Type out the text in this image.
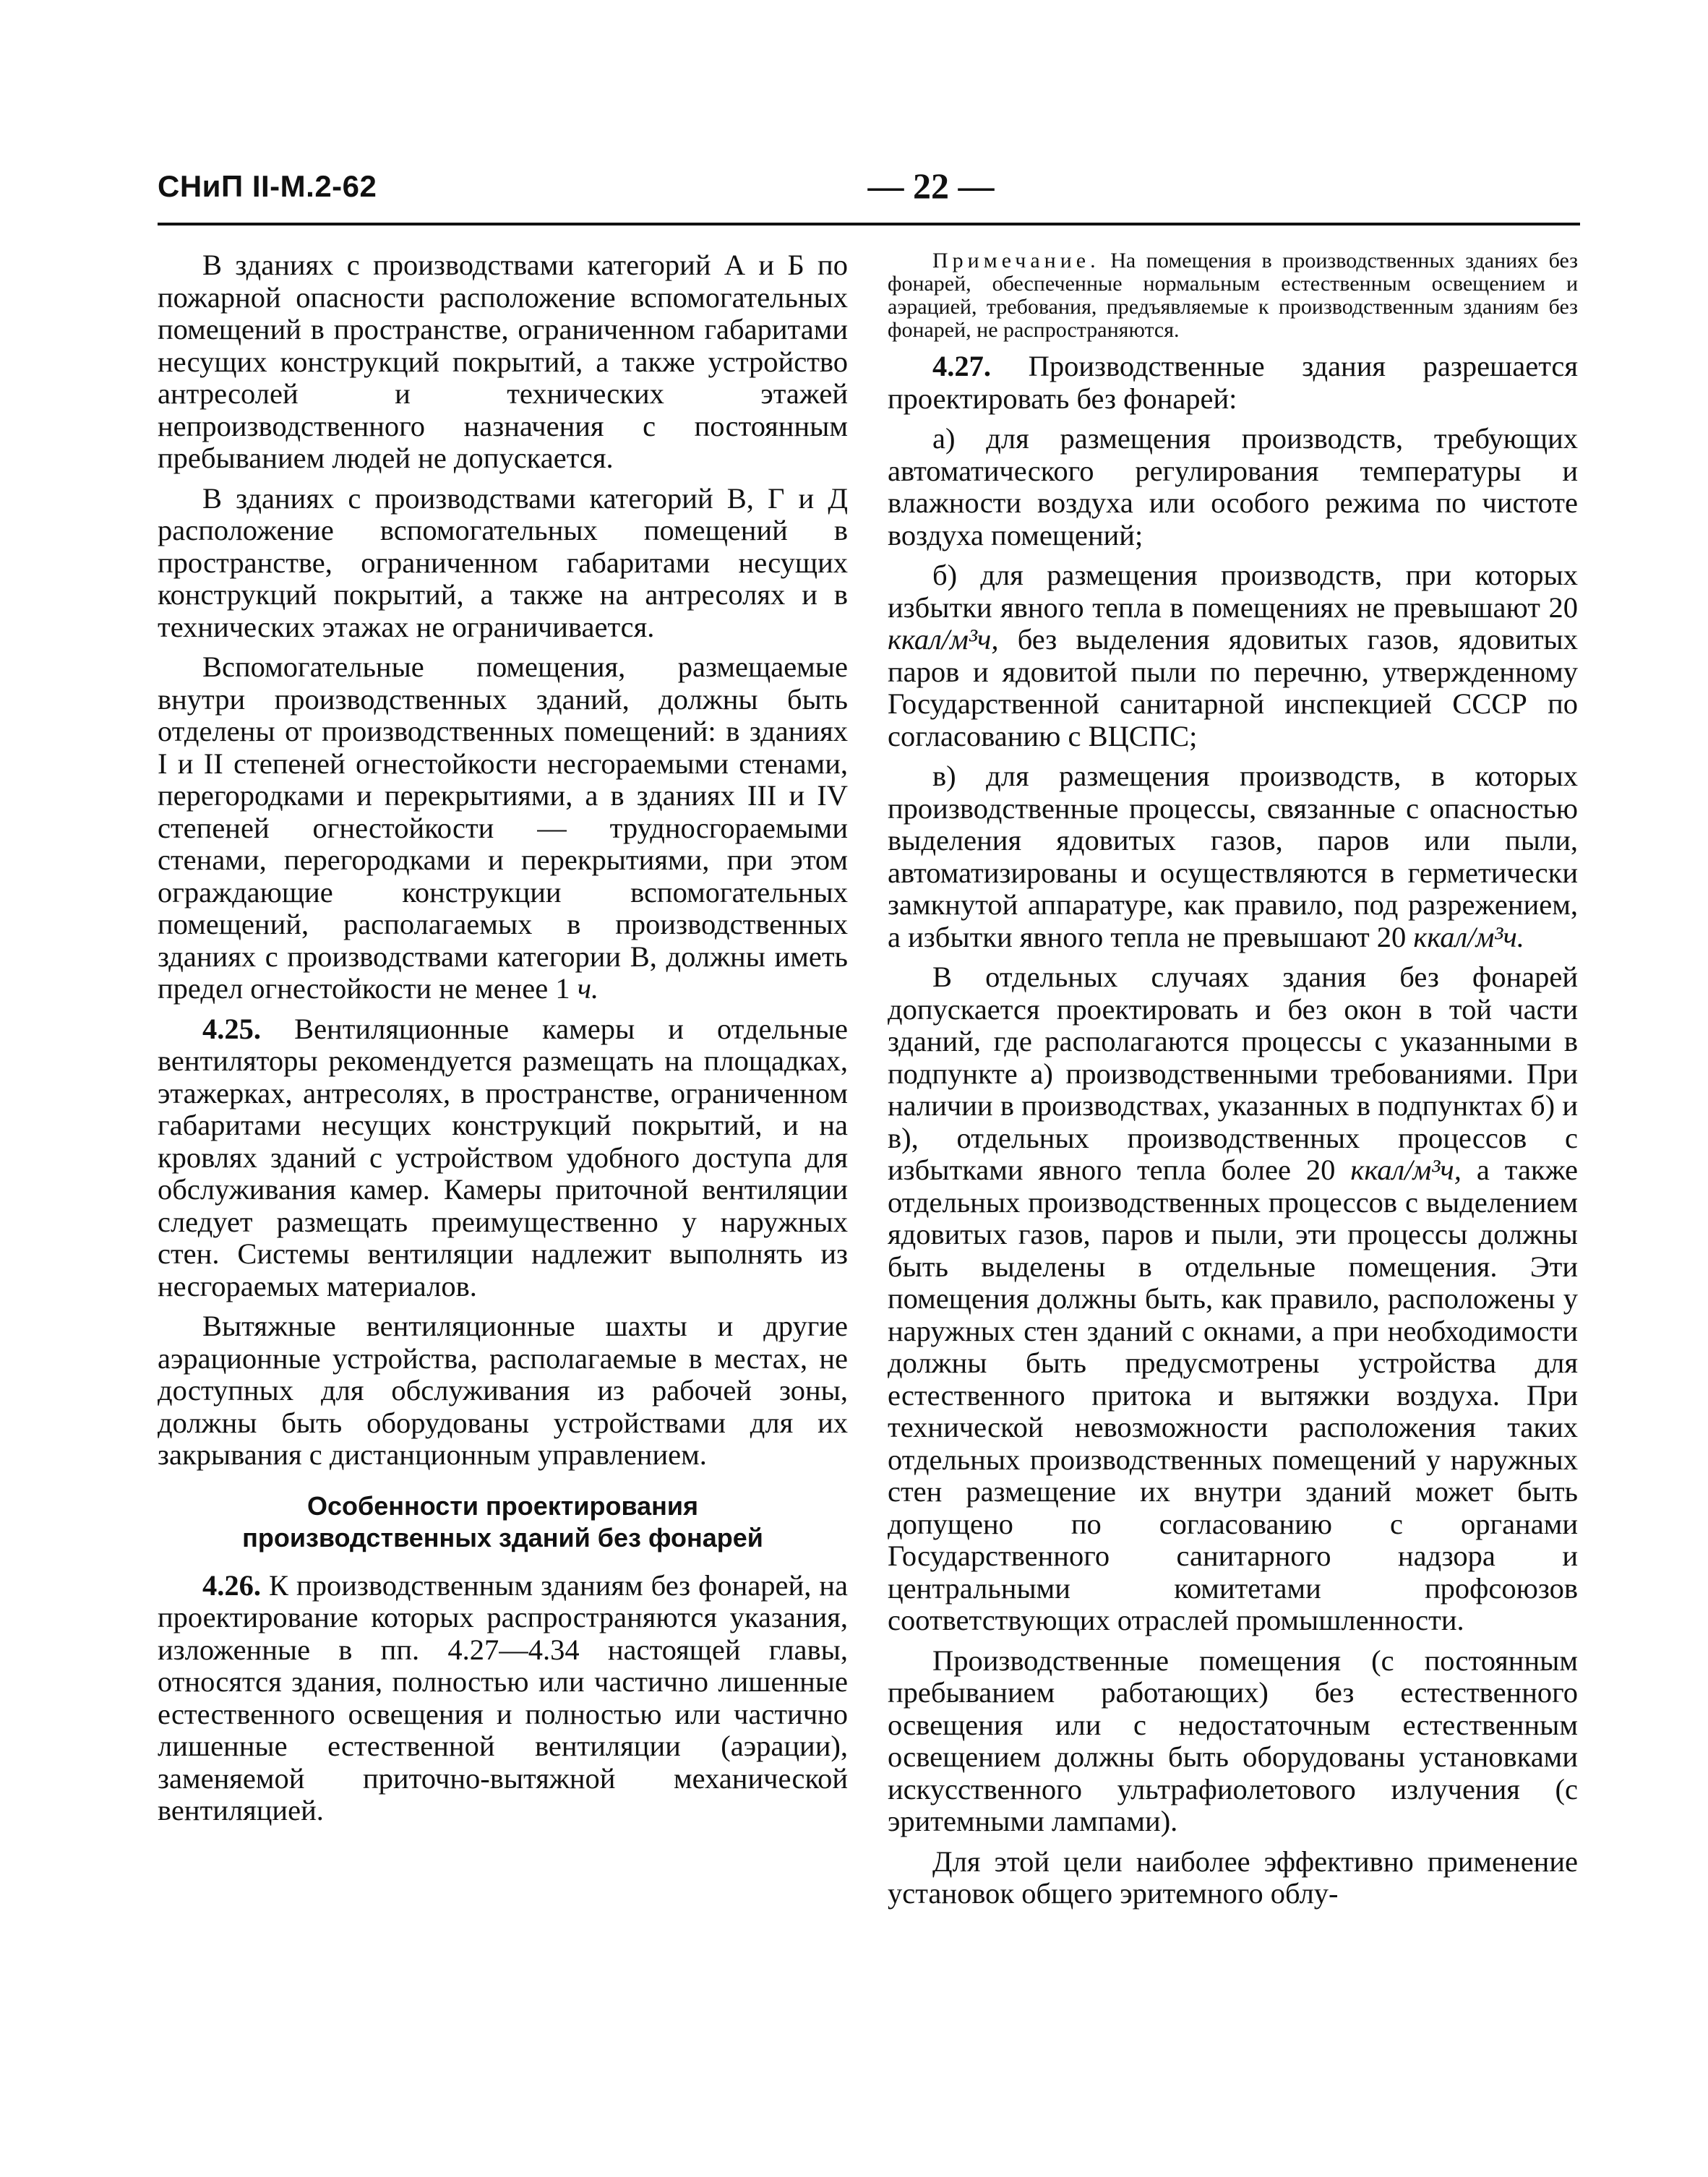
СНиП II-М.2-62	— 22 —

В зданиях с производствами категорий А и Б по пожарной опасности расположение вспомогательных помещений в пространстве, ограниченном габаритами несущих конструкций покрытий, а также устройство антресолей и технических этажей непроизводственного назначения с постоянным пребыванием людей не допускается.

В зданиях с производствами категорий В, Г и Д расположение вспомогательных помещений в пространстве, ограниченном габаритами несущих конструкций покрытий, а также на антресолях и в технических этажах не ограничивается.

Вспомогательные помещения, размещаемые внутри производственных зданий, должны быть отделены от производственных помещений: в зданиях I и II степеней огнестойкости несгораемыми стенами, перегородками и перекрытиями, а в зданиях III и IV степеней огнестойкости — трудносгораемыми стенами, перегородками и перекрытиями, при этом ограждающие конструкции вспомогательных помещений, располагаемых в производственных зданиях с производствами категории В, должны иметь предел огнестойкости не менее 1 ч.

4.25. Вентиляционные камеры и отдельные вентиляторы рекомендуется размещать на площадках, этажерках, антресолях, в пространстве, ограниченном габаритами несущих конструкций покрытий, и на кровлях зданий с устройством удобного доступа для обслуживания камер. Камеры приточной вентиляции следует размещать преимущественно у наружных стен. Системы вентиляции надлежит выполнять из несгораемых материалов.

Вытяжные вентиляционные шахты и другие аэрационные устройства, располагаемые в местах, не доступных для обслуживания из рабочей зоны, должны быть оборудованы устройствами для их закрывания с дистанционным управлением.

Особенности проектирования
производственных зданий без фонарей

4.26. К производственным зданиям без фонарей, на проектирование которых распространяются указания, изложенные в пп. 4.27—4.34 настоящей главы, относятся здания, полностью или частично лишенные естественного освещения и полностью или частично лишенные естественной вентиляции (аэрации), заменяемой приточно-вытяжной механической вентиляцией.

Примечание. На помещения в производственных зданиях без фонарей, обеспеченные нормальным естественным освещением и аэрацией, требования, предъявляемые к производственным зданиям без фонарей, не распространяются.

4.27. Производственные здания разрешается проектировать без фонарей:

а) для размещения производств, требующих автоматического регулирования температуры и влажности воздуха или особого режима по чистоте воздуха помещений;

б) для размещения производств, при которых избытки явного тепла в помещениях не превышают 20 ккал/м³ч, без выделения ядовитых газов, ядовитых паров и ядовитой пыли по перечню, утвержденному Государственной санитарной инспекцией СССР по согласованию с ВЦСПС;

в) для размещения производств, в которых производственные процессы, связанные с опасностью выделения ядовитых газов, паров или пыли, автоматизированы и осуществляются в герметически замкнутой аппаратуре, как правило, под разрежением, а избытки явного тепла не превышают 20 ккал/м³ч.

В отдельных случаях здания без фонарей допускается проектировать и без окон в той части зданий, где располагаются процессы с указанными в подпункте а) производственными требованиями. При наличии в производствах, указанных в подпунктах б) и в), отдельных производственных процессов с избытками явного тепла более 20 ккал/м³ч, а также отдельных производственных процессов с выделением ядовитых газов, паров и пыли, эти процессы должны быть выделены в отдельные помещения. Эти помещения должны быть, как правило, расположены у наружных стен зданий с окнами, а при необходимости должны быть предусмотрены устройства для естественного притока и вытяжки воздуха. При технической невозможности расположения таких отдельных производственных помещений у наружных стен размещение их внутри зданий может быть допущено по согласованию с органами Государственного санитарного надзора и центральными комитетами профсоюзов соответствующих отраслей промышленности.

Производственные помещения (с постоянным пребыванием работающих) без естественного освещения или с недостаточным естественным освещением должны быть оборудованы установками искусственного ультрафиолетового излучения (с эритемными лампами).

Для этой цели наиболее эффективно применение установок общего эритемного облу-
